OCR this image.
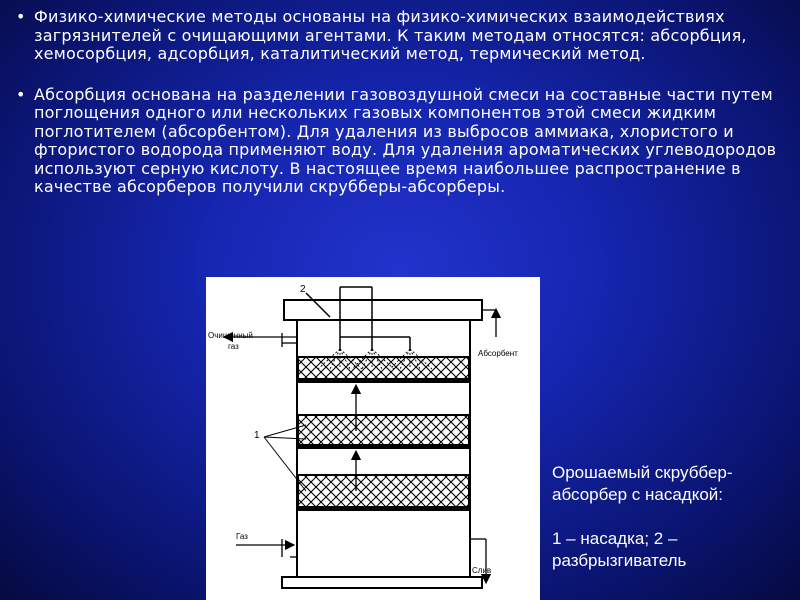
• Физико-химические методы основаны на физико-химических взаимодействиях загрязнителей с очищающими агентами. К таким методам относятся: абсорбция, хемосорбция, адсорбция, каталитический метод, термический метод.
• Абсорбция основана на разделении газовоздушной смеси на составные части путем поглощения одного или нескольких газовых компонентов этой смеси жидким поглотителем (абсорбентом). Для удаления из выбросов аммиака, хлористого и фтористого водорода применяют воду. Для удаления ароматических углеводородов используют серную кислоту. В настоящее время наибольшее распространение в качестве абсорберов получили скрубберы-абсорберы.
2
Очищенный
газ
Абсорбент
1
Газ
Слив

Орошаемый скруббер-

абсорбер с насадкой:

1 – насадка; 2 –

разбрызгиватель
